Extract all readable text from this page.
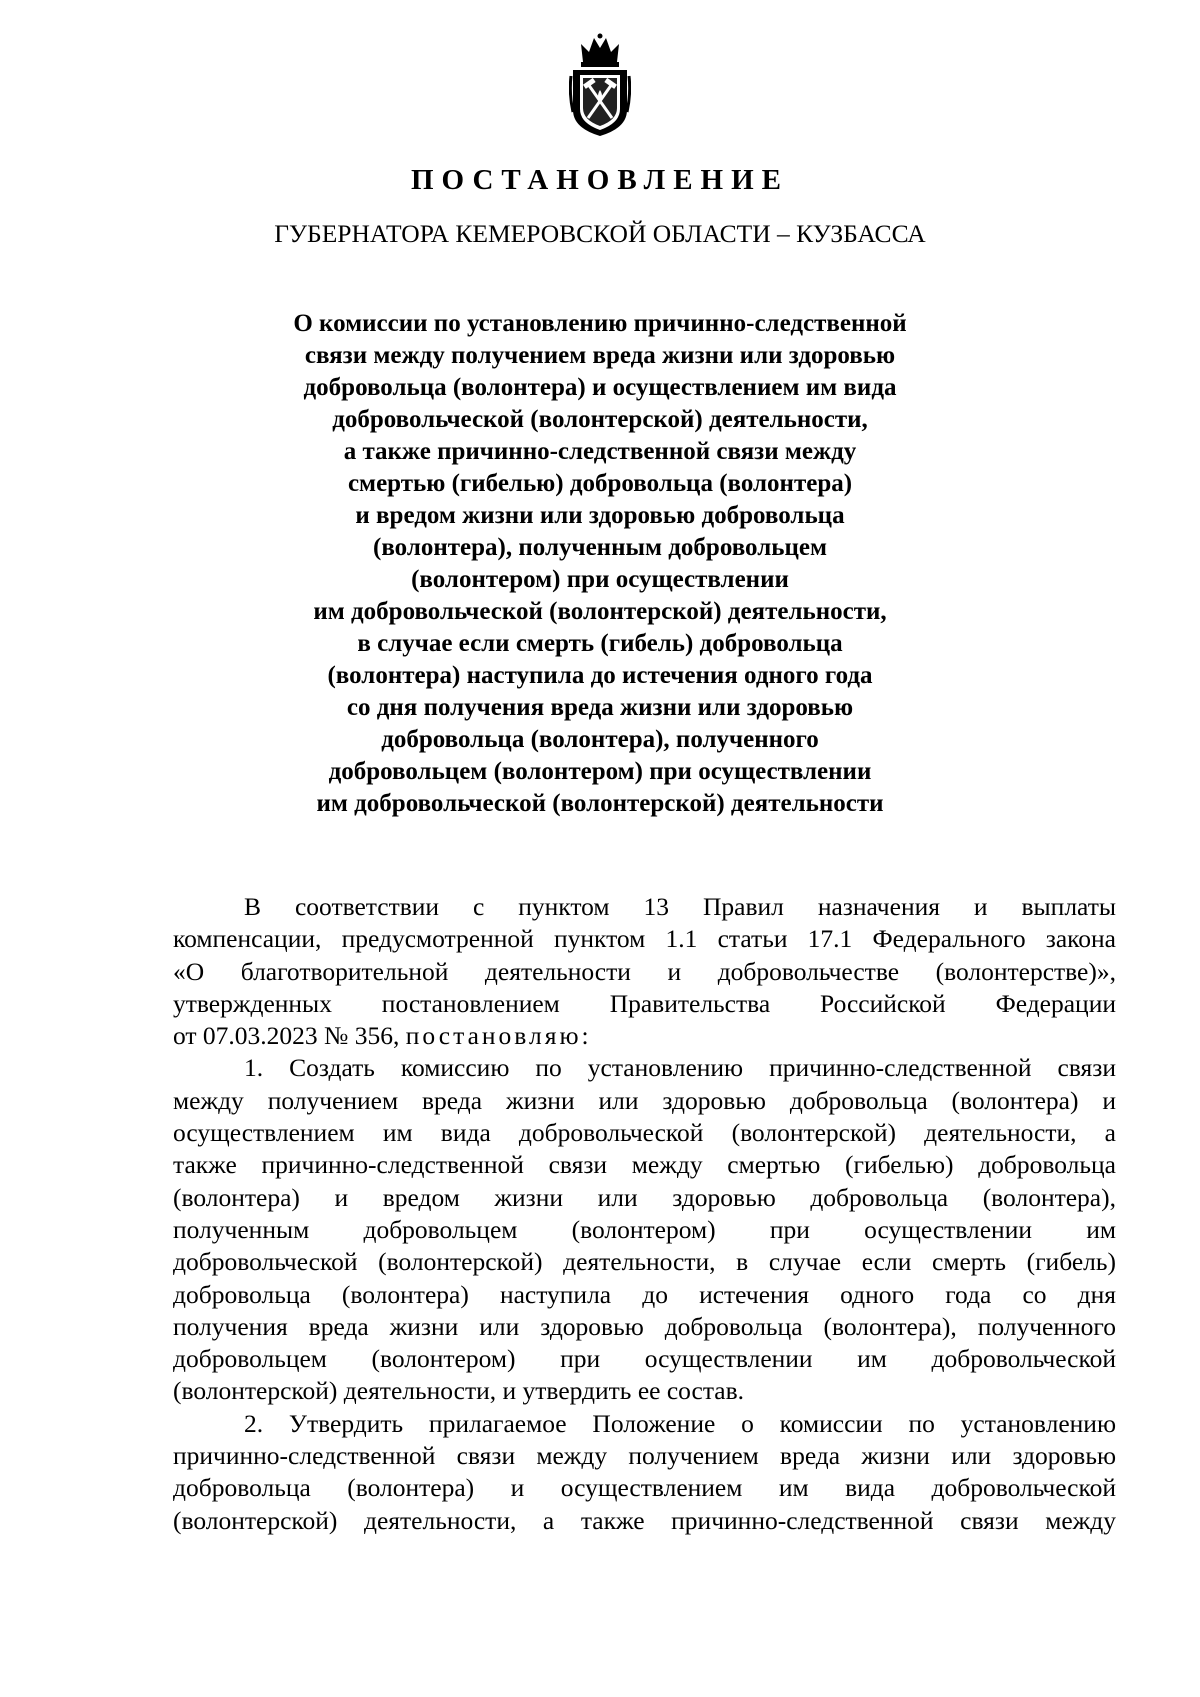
ПОСТАНОВЛЕНИЕ
ГУБЕРНАТОРА КЕМЕРОВСКОЙ ОБЛАСТИ – КУЗБАССА
О комиссии по установлению причинно-следственной
связи между получением вреда жизни или здоровью
добровольца (волонтера) и осуществлением им вида
добровольческой (волонтерской) деятельности,
а также причинно-следственной связи между
смертью (гибелью) добровольца (волонтера)
и вредом жизни или здоровью добровольца
(волонтера), полученным добровольцем
(волонтером) при осуществлении
им добровольческой (волонтерской) деятельности,
в случае если смерть (гибель) добровольца
(волонтера) наступила до истечения одного года
со дня получения вреда жизни или здоровью
добровольца (волонтера), полученного
добровольцем (волонтером) при осуществлении
им добровольческой (волонтерской) деятельности
В соответствии с пунктом 13 Правил назначения и выплаты
компенсации, предусмотренной пунктом 1.1 статьи 17.1 Федерального закона
«О благотворительной деятельности и добровольчестве (волонтерстве)»,
утвержденных постановлением Правительства Российской Федерации
от 07.03.2023 № 356, постановляю:
1. Создать комиссию по установлению причинно-следственной связи
между получением вреда жизни или здоровью добровольца (волонтера) и
осуществлением им вида добровольческой (волонтерской) деятельности, а
также причинно-следственной связи между смертью (гибелью) добровольца
(волонтера) и вредом жизни или здоровью добровольца (волонтера),
полученным добровольцем (волонтером) при осуществлении им
добровольческой (волонтерской) деятельности, в случае если смерть (гибель)
добровольца (волонтера) наступила до истечения одного года со дня
получения вреда жизни или здоровью добровольца (волонтера), полученного
добровольцем (волонтером) при осуществлении им добровольческой
(волонтерской) деятельности, и утвердить ее состав.
2. Утвердить прилагаемое Положение о комиссии по установлению
причинно-следственной связи между получением вреда жизни или здоровью
добровольца (волонтера) и осуществлением им вида добровольческой
(волонтерской) деятельности, а также причинно-следственной связи между
